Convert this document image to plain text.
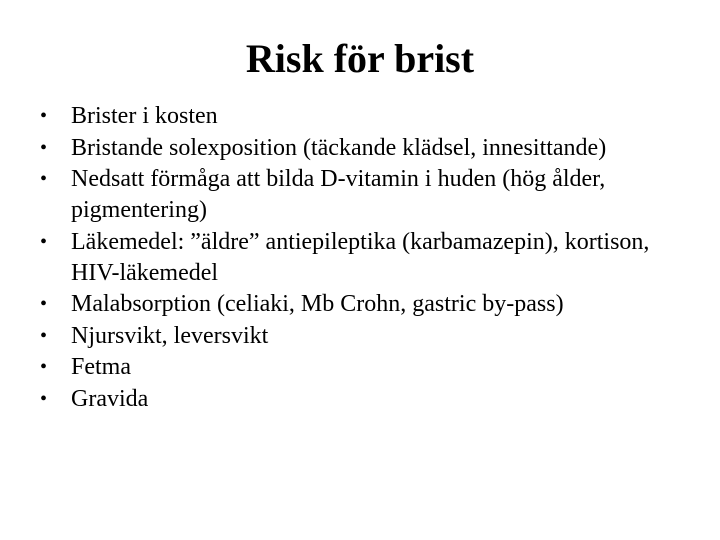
Risk för brist
• Brister i kosten
• Bristande solexposition (täckande klädsel, innesittande)
• Nedsatt förmåga att bilda D-vitamin i huden (hög ålder, pigmentering)
• Läkemedel: ”äldre” antiepileptika (karbamazepin), kortison, HIV-läkemedel
• Malabsorption (celiaki, Mb Crohn, gastric by-pass)
• Njursvikt, leversvikt
• Fetma
• Gravida
